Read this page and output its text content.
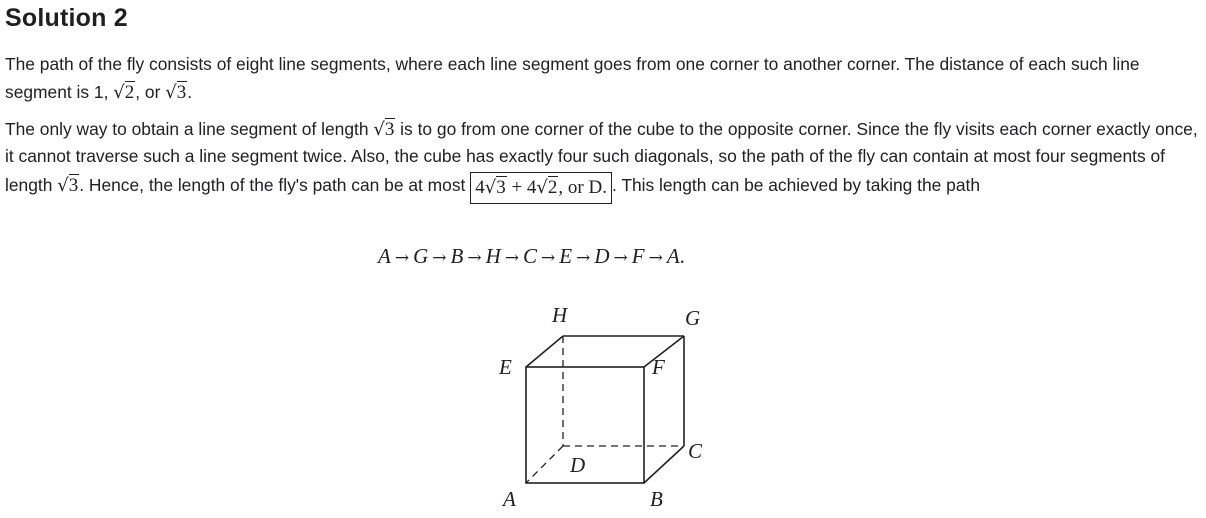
Solution 2
The path of the fly consists of eight line segments, where each line segment goes from one corner to another corner. The distance of each such line segment is 1, √2, or √3.
The only way to obtain a line segment of length √3 is to go from one corner of the cube to the opposite corner. Since the fly visits each corner exactly once, it cannot traverse such a line segment twice. Also, the cube has exactly four such diagonals, so the path of the fly can contain at most four segments of length √3. Hence, the length of the fly's path can be at most 4√3 + 4√2, or D. . This length can be achieved by taking the path
A → G → B → H → C → E → D → F → A.
H	G
E	F
C
D
A	B
